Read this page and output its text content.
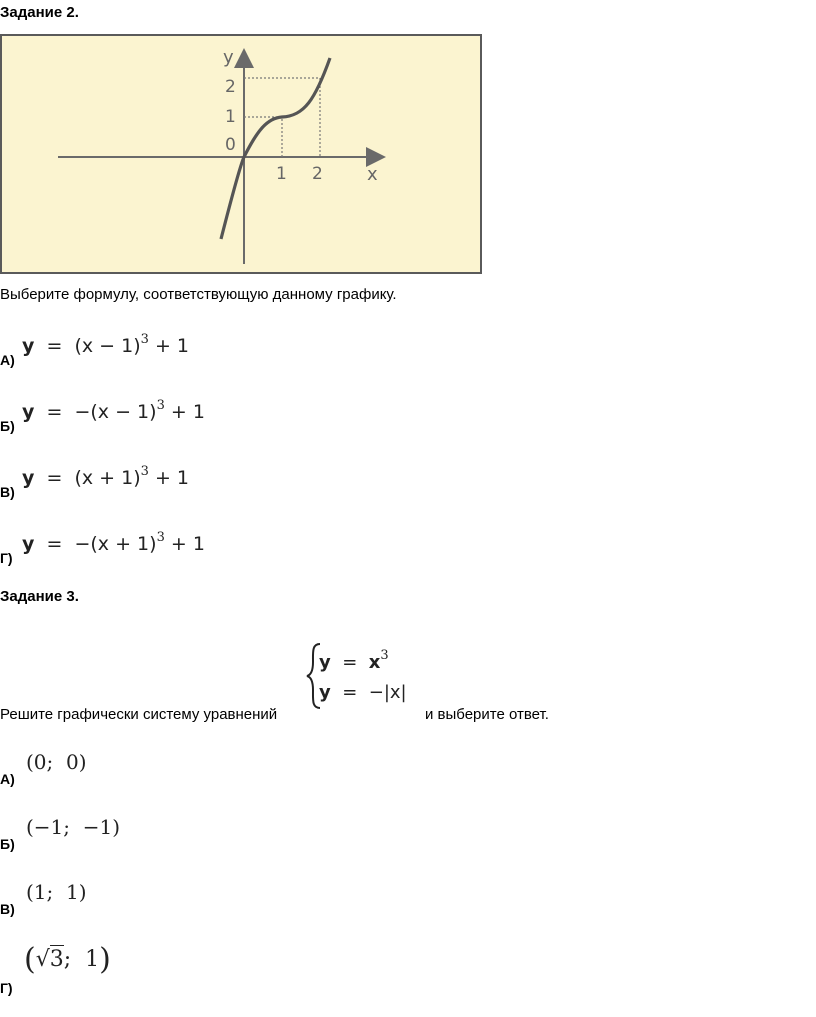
Задание 2.
y
x
2
1
0
1 2
Выберите формулу, соответствующую данному графику.
А)
$y = (x - 1)^3 + 1$
Б)
$y = -(x - 1)^3 + 1$
В)
$y = (x + 1)^3 + 1$
Г)
$y = -(x + 1)^3 + 1$
Задание 3.
Решите графически систему уравнений
$y = x^3$
y = −|x|
и выберите ответ.
А)
(0;  0)
Б)
(−1;  −1)
В)
(1;  1)
Г)
(√3;  1)
